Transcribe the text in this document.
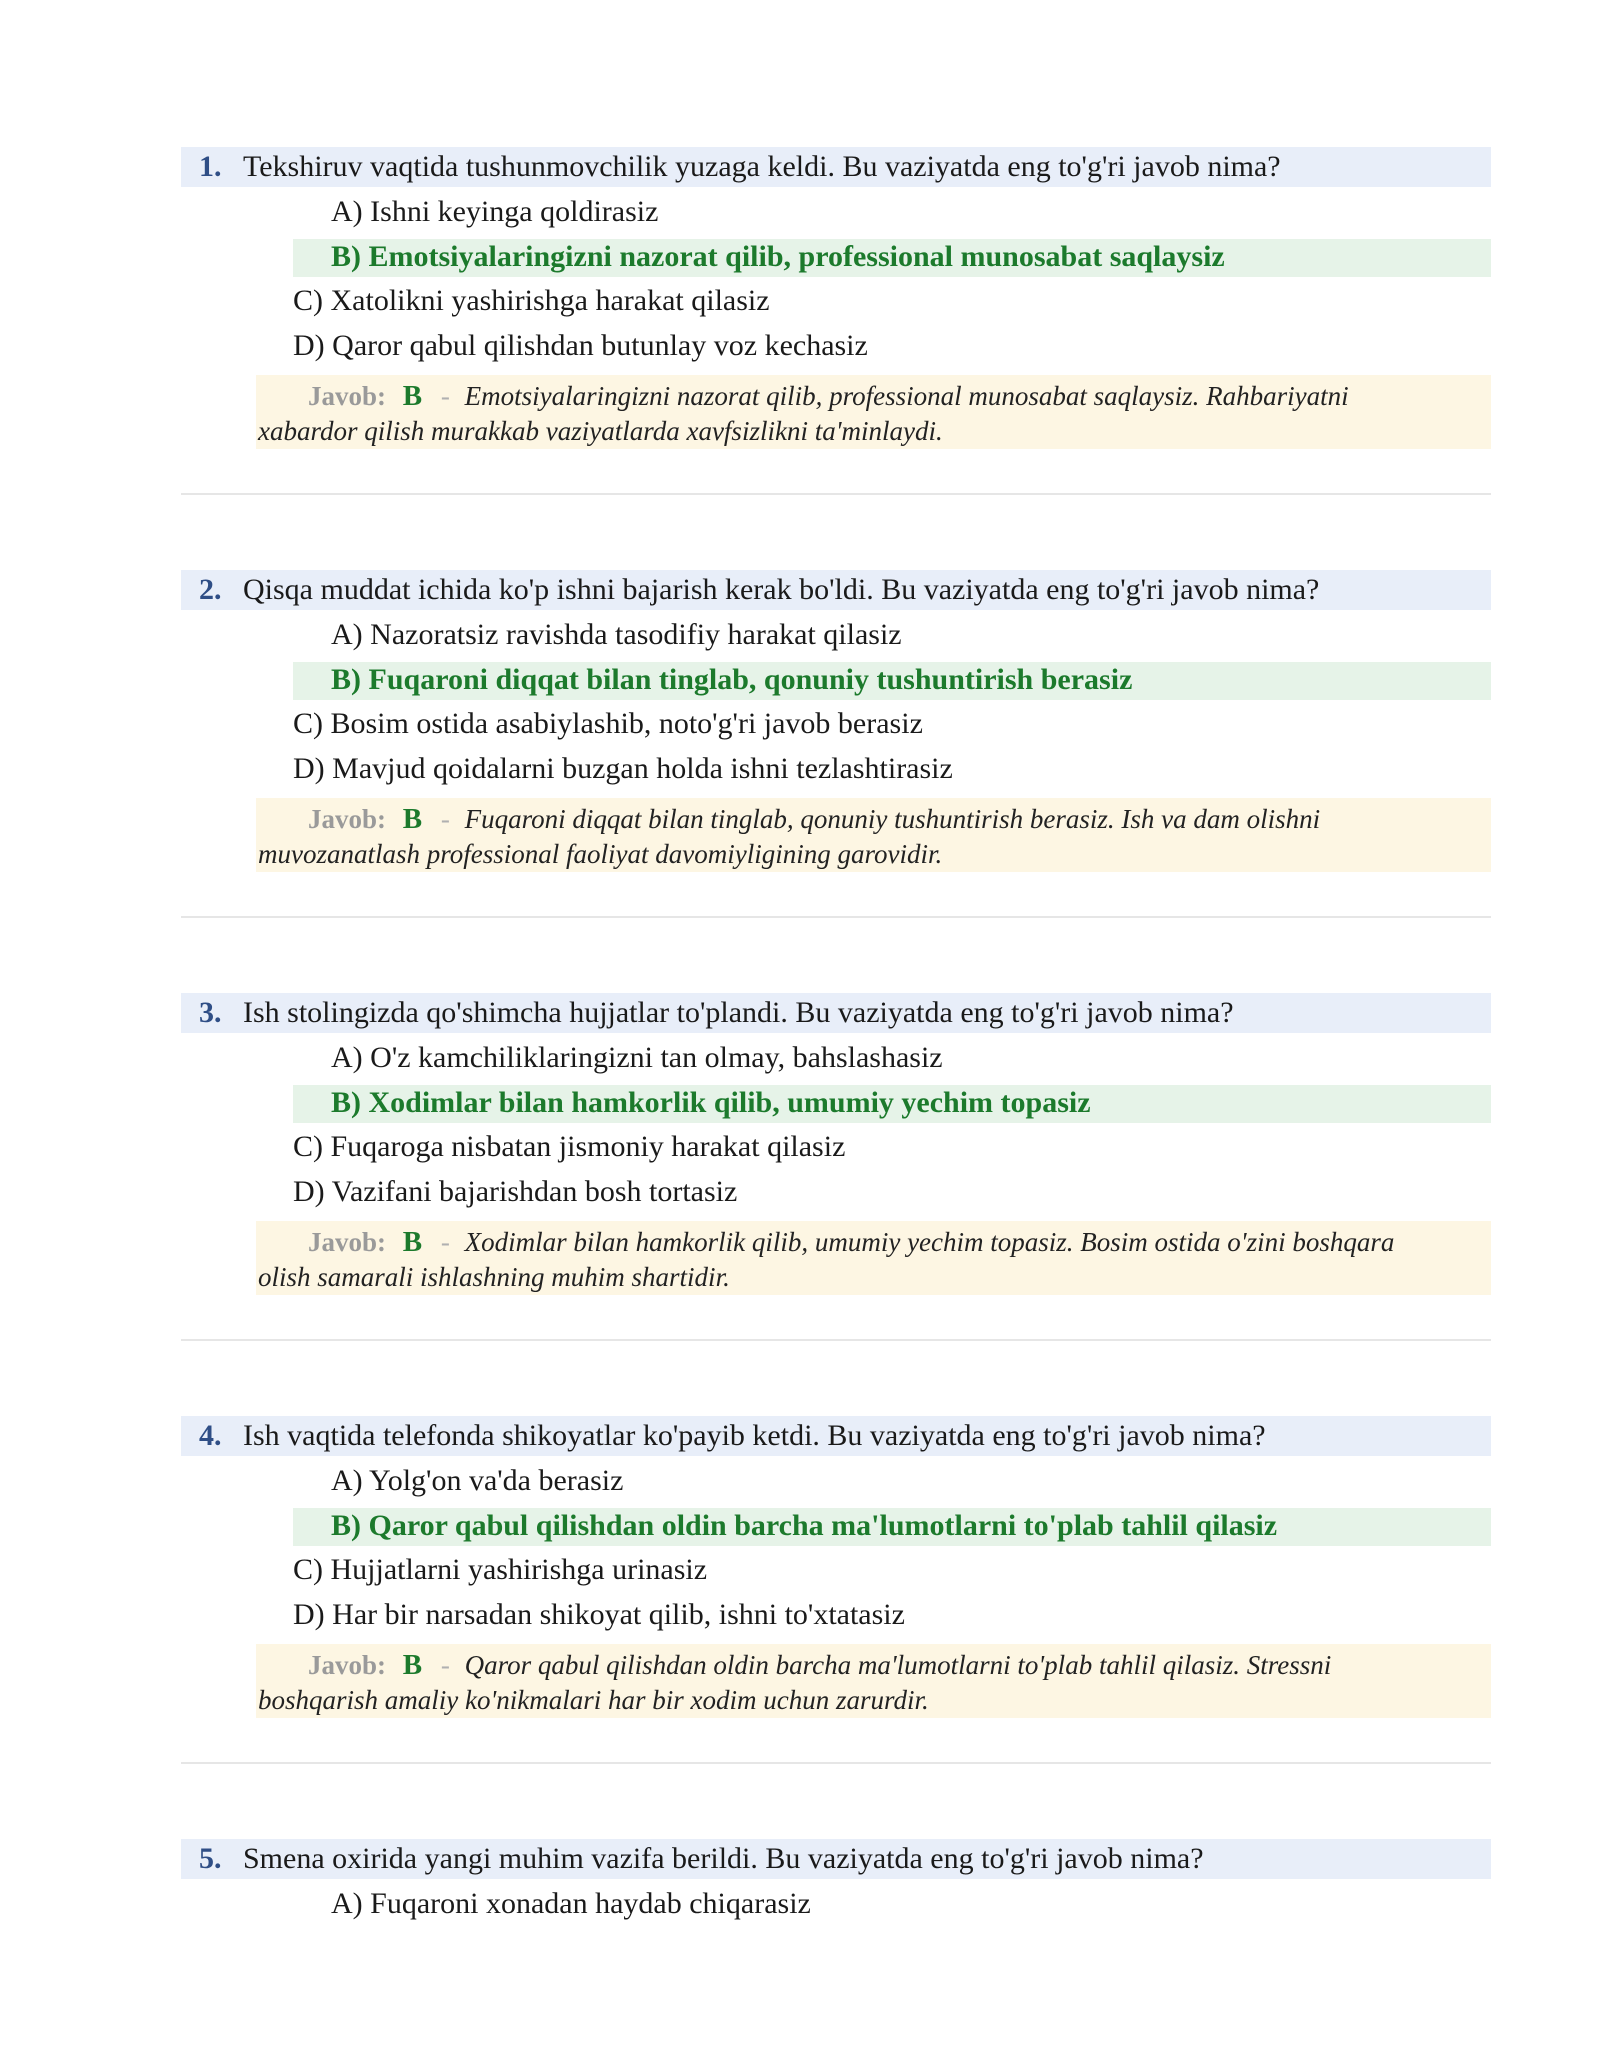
1. Tekshiruv vaqtida tushunmovchilik yuzaga keldi. Bu vaziyatda eng to'g'ri javob nima?
A) Ishni keyinga qoldirasiz
B) Emotsiyalaringizni nazorat qilib, professional munosabat saqlaysiz
C) Xatolikni yashirishga harakat qilasiz
D) Qaror qabul qilishdan butunlay voz kechasiz
Javob: B - Emotsiyalaringizni nazorat qilib, professional munosabat saqlaysiz. Rahbariyatni
xabardor qilish murakkab vaziyatlarda xavfsizlikni ta'minlaydi.
2. Qisqa muddat ichida ko'p ishni bajarish kerak bo'ldi. Bu vaziyatda eng to'g'ri javob nima?
A) Nazoratsiz ravishda tasodifiy harakat qilasiz
B) Fuqaroni diqqat bilan tinglab, qonuniy tushuntirish berasiz
C) Bosim ostida asabiylashib, noto'g'ri javob berasiz
D) Mavjud qoidalarni buzgan holda ishni tezlashtirasiz
Javob: B - Fuqaroni diqqat bilan tinglab, qonuniy tushuntirish berasiz. Ish va dam olishni
muvozanatlash professional faoliyat davomiyligining garovidir.
3. Ish stolingizda qo'shimcha hujjatlar to'plandi. Bu vaziyatda eng to'g'ri javob nima?
A) O'z kamchiliklaringizni tan olmay, bahslashasiz
B) Xodimlar bilan hamkorlik qilib, umumiy yechim topasiz
C) Fuqaroga nisbatan jismoniy harakat qilasiz
D) Vazifani bajarishdan bosh tortasiz
Javob: B - Xodimlar bilan hamkorlik qilib, umumiy yechim topasiz. Bosim ostida o'zini boshqara
olish samarali ishlashning muhim shartidir.
4. Ish vaqtida telefonda shikoyatlar ko'payib ketdi. Bu vaziyatda eng to'g'ri javob nima?
A) Yolg'on va'da berasiz
B) Qaror qabul qilishdan oldin barcha ma'lumotlarni to'plab tahlil qilasiz
C) Hujjatlarni yashirishga urinasiz
D) Har bir narsadan shikoyat qilib, ishni to'xtatasiz
Javob: B - Qaror qabul qilishdan oldin barcha ma'lumotlarni to'plab tahlil qilasiz. Stressni
boshqarish amaliy ko'nikmalari har bir xodim uchun zarurdir.
5. Smena oxirida yangi muhim vazifa berildi. Bu vaziyatda eng to'g'ri javob nima?
A) Fuqaroni xonadan haydab chiqarasiz
